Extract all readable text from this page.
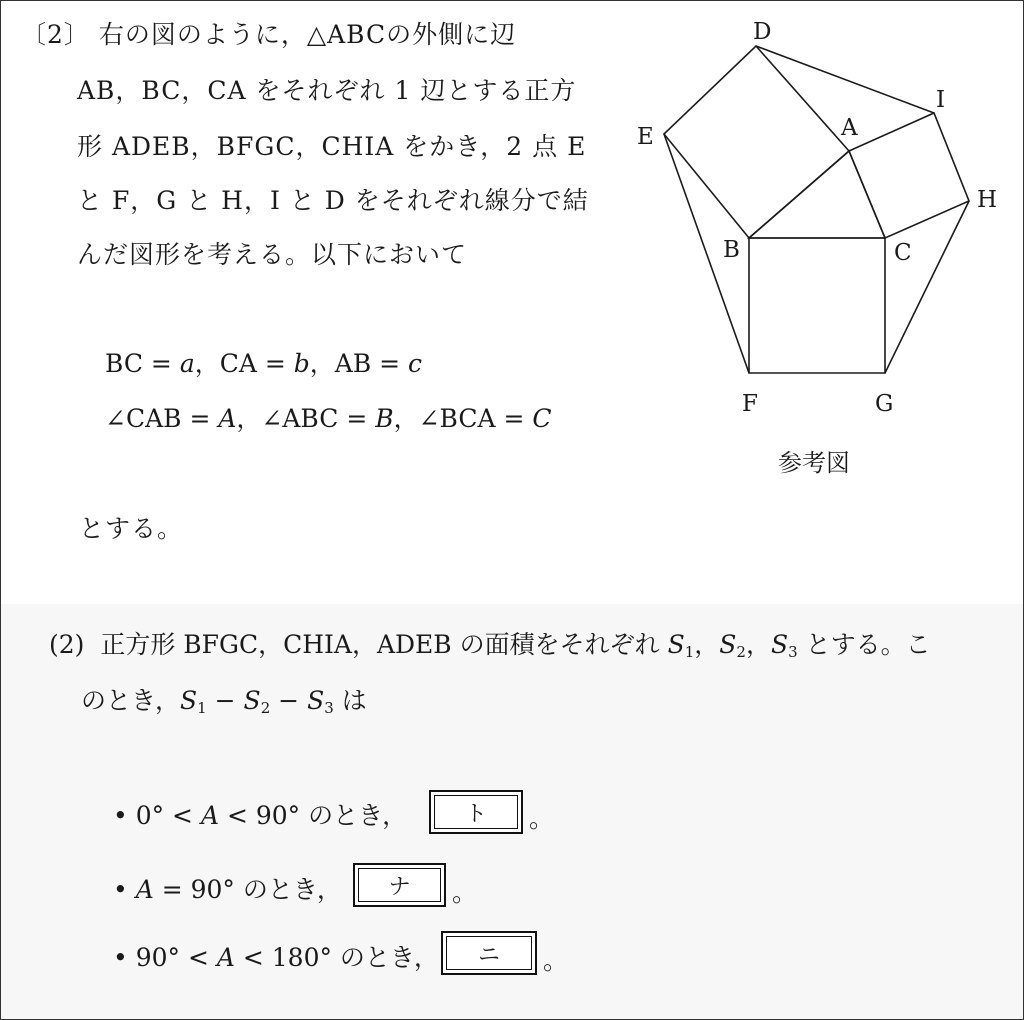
〔2〕 右の図のように，△ABCの外側に辺
AB，BC，CA をそれぞれ 1 辺とする正方
形 ADEB，BFGC，CHIA をかき，2 点 E
と F，G と H，I と D をそれぞれ線分で結
んだ図形を考える。以下において
BC = a，CA = b，AB = c
∠CAB = A，∠ABC = B，∠BCA = C
とする。
D
I
A
E
H
B	C
F	G
参考図
(2) 正方形 BFGC，CHIA，ADEB の面積をそれぞれ $S_1$，$S_2$，$S_3$ とする。こ
のとき，$S_1 - S_2 - S_3$ は
• 0° < A < 90° のとき，	ト	。
• A = 90° のとき，	ナ	。
• 90° < A < 180° のとき，	ニ	。
